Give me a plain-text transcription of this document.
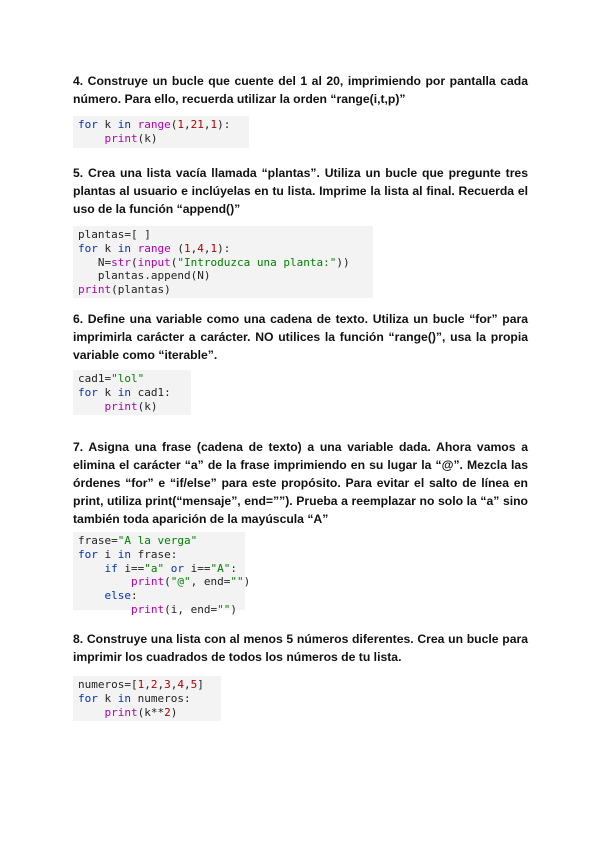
4. Construye un bucle que cuente del 1 al 20, imprimiendo por pantalla cada número. Para ello, recuerda utilizar la orden “range(i,t,p)”
for k in range(1,21,1):
print(k)
5. Crea una lista vacía llamada “plantas”. Utiliza un bucle que pregunte tres plantas al usuario e inclúyelas en tu lista. Imprime la lista al final. Recuerda el uso de la función “append()”
plantas=[ ]
for k in range (1,4,1):
N=str(input("Introduzca una planta:"))
plantas.append(N)
print(plantas)
6. Define una variable como una cadena de texto. Utiliza un bucle “for” para imprimirla carácter a carácter. NO utilices la función “range()”, usa la propia variable como “iterable”.
cad1="lol"
for k in cad1:
print(k)
7. Asigna una frase (cadena de texto) a una variable dada. Ahora vamos a elimina el carácter “a” de la frase imprimiendo en su lugar la “@”. Mezcla las órdenes “for” e “if/else” para este propósito. Para evitar el salto de línea en print, utiliza print(“mensaje”, end=””). Prueba a reemplazar no solo la “a” sino también toda aparición de la mayúscula “A”
frase="A la verga"
for i in frase:
if i=="a" or i=="A":
print("@", end="")
else:
print(i, end="")
8. Construye una lista con al menos 5 números diferentes. Crea un bucle para imprimir los cuadrados de todos los números de tu lista.
numeros=[1,2,3,4,5]
for k in numeros:
print(k**2)
